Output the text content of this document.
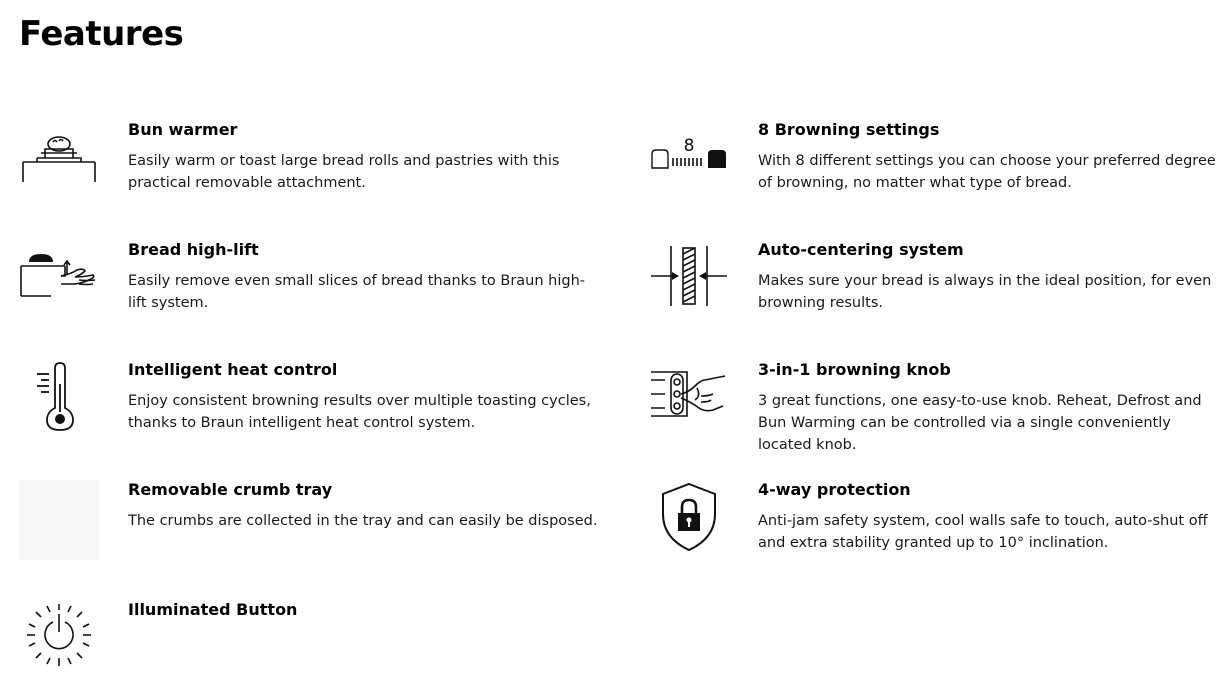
Features
Bun warmer
Easily warm or toast large bread rolls and pastries with this practical removable attachment.
8
8 Browning settings
With 8 different settings you can choose your preferred degree of browning, no matter what type of bread.
Bread high-lift
Easily remove even small slices of bread thanks to Braun high-lift system.
Auto-centering system
Makes sure your bread is always in the ideal position, for even browning results.
Intelligent heat control
Enjoy consistent browning results over multiple toasting cycles, thanks to Braun intelligent heat control system.
3-in-1 browning knob
3 great functions, one easy-to-use knob. Reheat, Defrost and Bun Warming can be controlled via a single conveniently located knob.
Removable crumb tray
The crumbs are collected in the tray and can easily be disposed.
4-way protection
Anti-jam safety system, cool walls safe to touch, auto-shut off and extra stability granted up to 10° inclination.
Illuminated Button
